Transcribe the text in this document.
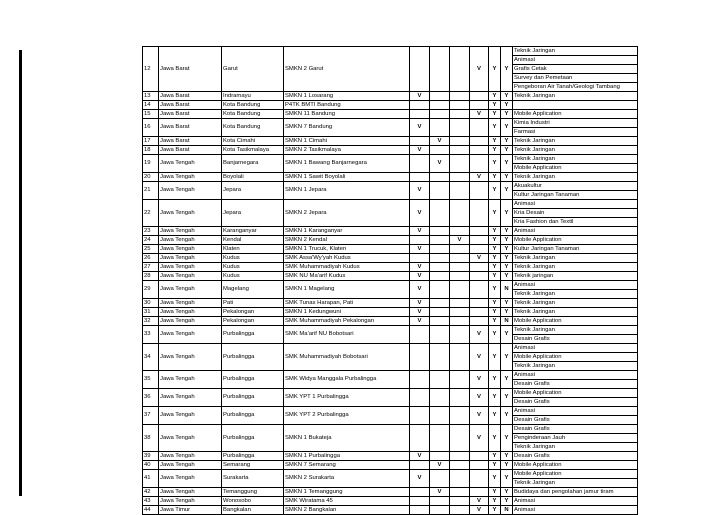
12	Jawa Barat	Garut	SMKN 2 Garut				V	Y	Y	Teknik Jaringan
Animasi
Grafis Cetak
Survey dan Pemetaan
Pengeboran Air Tanah/Geologi Tambang

13	Jawa Barat	Indramayu	SMKN 1 Losarang	V				Y	Y	Teknik Jaringan

14	Jawa Barat	Kota Bandung	P4TK BMTI Bandung					Y	Y	

15	Jawa Barat	Kota Bandung	SMKN 11 Bandung				V	Y	Y	Mobile Application

16	Jawa Barat	Kota Bandung	SMKN 7 Bandung	V				Y	Y	Kimia Industri
Farmasi

17	Jawa Barat	Kota Cimahi	SMKN 1 Cimahi		V			Y	Y	Teknik Jaringan

18	Jawa Barat	Kota Tasikmalaya	SMKN 2 Tasikmalaya	V				Y	Y	Teknik Jaringan

19	Jawa Tengah	Banjarnegara	SMKN 1 Bawang Banjarnegara		V			Y	Y	Teknik Jaringan
Mobile Application

20	Jawa Tengah	Boyolali	SMKN 1 Sawit Boyolali				V	Y	Y	Teknik Jaringan

21	Jawa Tengah	Jepara	SMKN 1 Jepara	V				Y	Y	Akuakultur
Kultur Jaringan Tanaman

22	Jawa Tengah	Jepara	SMKN 2 Jepara	V				Y	Y	Animasi
Kria Desain
Kria Fashion dan Textil

23	Jawa Tengah	Karanganyar	SMKN 1 Karanganyar	V				Y	Y	Animasi

24	Jawa Tengah	Kendal	SMKN 2 Kendal			V		Y	Y	Mobile Application

25	Jawa Tengah	Klaten	SMKN 1 Trucuk, Klaten	V				Y	Y	Kultur Jaringan Tanaman

26	Jawa Tengah	Kudus	SMK Assa'Wy'yah Kudus				V	Y	Y	Teknik Jaringan

27	Jawa Tengah	Kudus	SMK Muhammadiyah Kudus	V				Y	Y	Teknik Jaringan

28	Jawa Tengah	Kudus	SMK NU Ma'arif Kudus	V				Y	Y	Teknik jaringan

29	Jawa Tengah	Magelang	SMKN 1 Magelang	V				Y	N	Animasi
Teknik Jaringan

30	Jawa Tengah	Pati	SMK Tunas Harapan, Pati	V				Y	Y	Teknik Jaringan

31	Jawa Tengah	Pekalongan	SMKN 1 Kedungwuni	V				Y	Y	Teknik Jaringan

32	Jawa Tengah	Pekalongan	SMK Muhammadiyah Pekalongan	V				Y	N	Mobile Application

33	Jawa Tengah	Purbalingga	SMK Ma'arif NU Bobotsari				V	Y	Y	Teknik Jaringan
Desain Grafis

34	Jawa Tengah	Purbalingga	SMK Muhammadiyah Bobotsari				V	Y	Y	Animasi
Mobile Application
Teknik Jaringan

35	Jawa Tengah	Purbalingga	SMK Widya Manggala Purbalingga				V	Y	Y	Animasi
Desain Grafis

36	Jawa Tengah	Purbalingga	SMK YPT 1 Purbalingga				V	Y	Y	Mobile Application
Desain Grafis

37	Jawa Tengah	Purbalingga	SMK YPT 2 Purbalingga				V	Y	Y	Animasi
Desain Grafis

38	Jawa Tengah	Purbalingga	SMKN 1 Bukateja				V	Y	Y	Desain Grafis
Penginderaan Jauh
Teknik Jaringan

39	Jawa Tengah	Purbalingga	SMKN 1 Purbalingga	V				Y	Y	Desain Grafis

40	Jawa Tengah	Semarang	SMKN 7 Semarang		V			Y	Y	Mobile Application

41	Jawa Tengah	Surakarta	SMKN 2 Surakarta	V				Y	Y	Mobile Application
Teknik Jaringan

42	Jawa Tengah	Temanggung	SMKN 1 Temanggung		V			Y	Y	Budidaya dan pengolahan jamur tiram

43	Jawa Tengah	Wonosobo	SMK Wiratama 45				V	Y	Y	Animasi

44	Jawa Timur	Bangkalan	SMKN 2 Bangkalan				V	Y	N	Animasi
